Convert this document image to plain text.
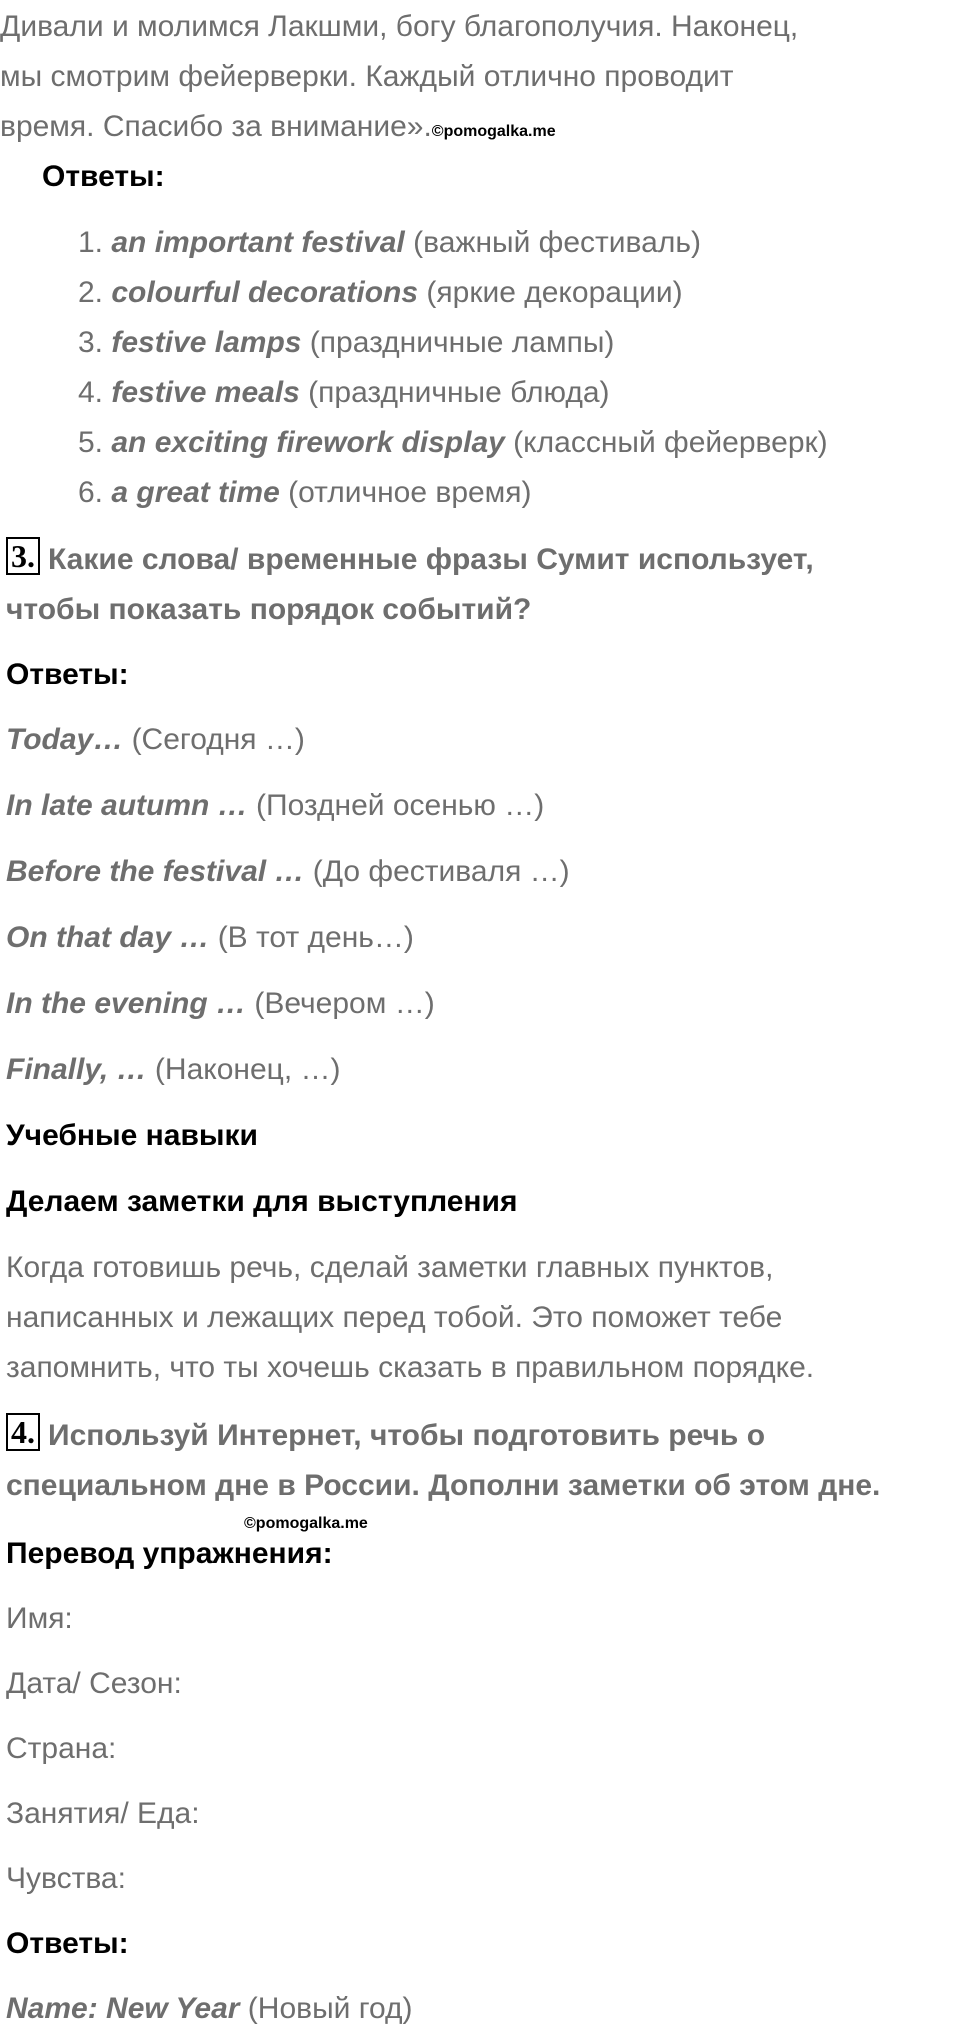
Дивали и молимся Лакшми, богу благополучия. Наконец,
мы смотрим фейерверки. Каждый отлично проводит
время. Спасибо за внимание».©pomogalka.me
Ответы:
1. an important festival (важный фестиваль)
2. colourful decorations (яркие декорации)
3. festive lamps (праздничные лампы)
4. festive meals (праздничные блюда)
5. an exciting firework display (классный фейерверк)
6. a great time (отличное время)
3. Какие слова/ временные фразы Сумит использует,
чтобы показать порядок событий?
Ответы:
Today… (Сегодня …)
In late autumn … (Поздней осенью …)
Before the festival … (До фестиваля …)
On that day … (В тот день…)
In the evening … (Вечером …)
Finally, … (Наконец, …)
Учебные навыки
Делаем заметки для выступления
Когда готовишь речь, сделай заметки главных пунктов,
написанных и лежащих перед тобой. Это поможет тебе
запомнить, что ты хочешь сказать в правильном порядке.
4. Используй Интернет, чтобы подготовить речь о
специальном дне в России. Дополни заметки об этом дне.
©pomogalka.me
Перевод упражнения:
Имя:
Дата/ Сезон:
Страна:
Занятия/ Еда:
Чувства:
Ответы:
Name: New Year (Новый год)
